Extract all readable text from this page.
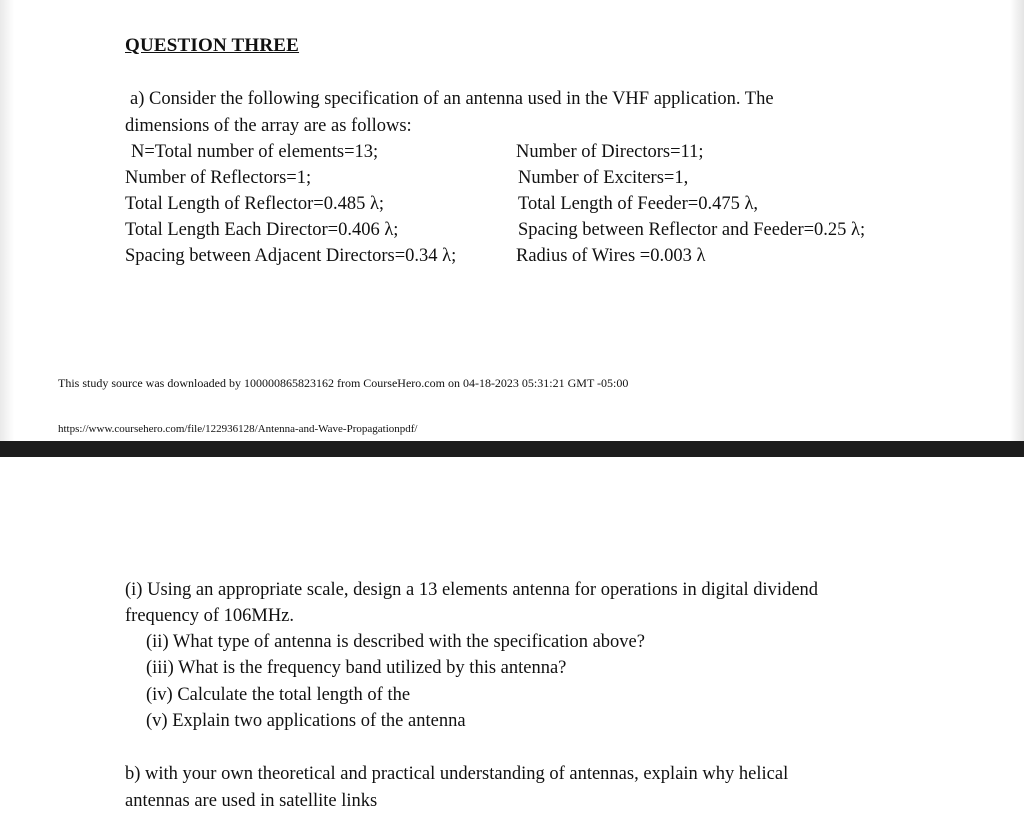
QUESTION THREE
a) Consider the following specification of an antenna used in the VHF application. The
dimensions of the array are as follows:
N=Total number of elements=13;
Number of Reflectors=1;
Total Length of Reflector=0.485 λ;
Total Length Each Director=0.406 λ;
Spacing between Adjacent Directors=0.34 λ;
Number of Directors=11;
Number of Exciters=1,
Total Length of Feeder=0.475 λ,
Spacing between Reflector and Feeder=0.25 λ;
Radius of Wires =0.003 λ
This study source was downloaded by 100000865823162 from CourseHero.com on 04-18-2023 05:31:21 GMT -05:00
https://www.coursehero.com/file/122936128/Antenna-and-Wave-Propagationpdf/
(i) Using an appropriate scale, design a 13 elements antenna for operations in digital dividend
frequency of 106MHz.
(ii) What type of antenna is described with the specification above?
(iii) What is the frequency band utilized by this antenna?
(iv) Calculate the total length of the
(v) Explain two applications of the antenna
b) with your own theoretical and practical understanding of antennas, explain why helical
antennas are used in satellite links
